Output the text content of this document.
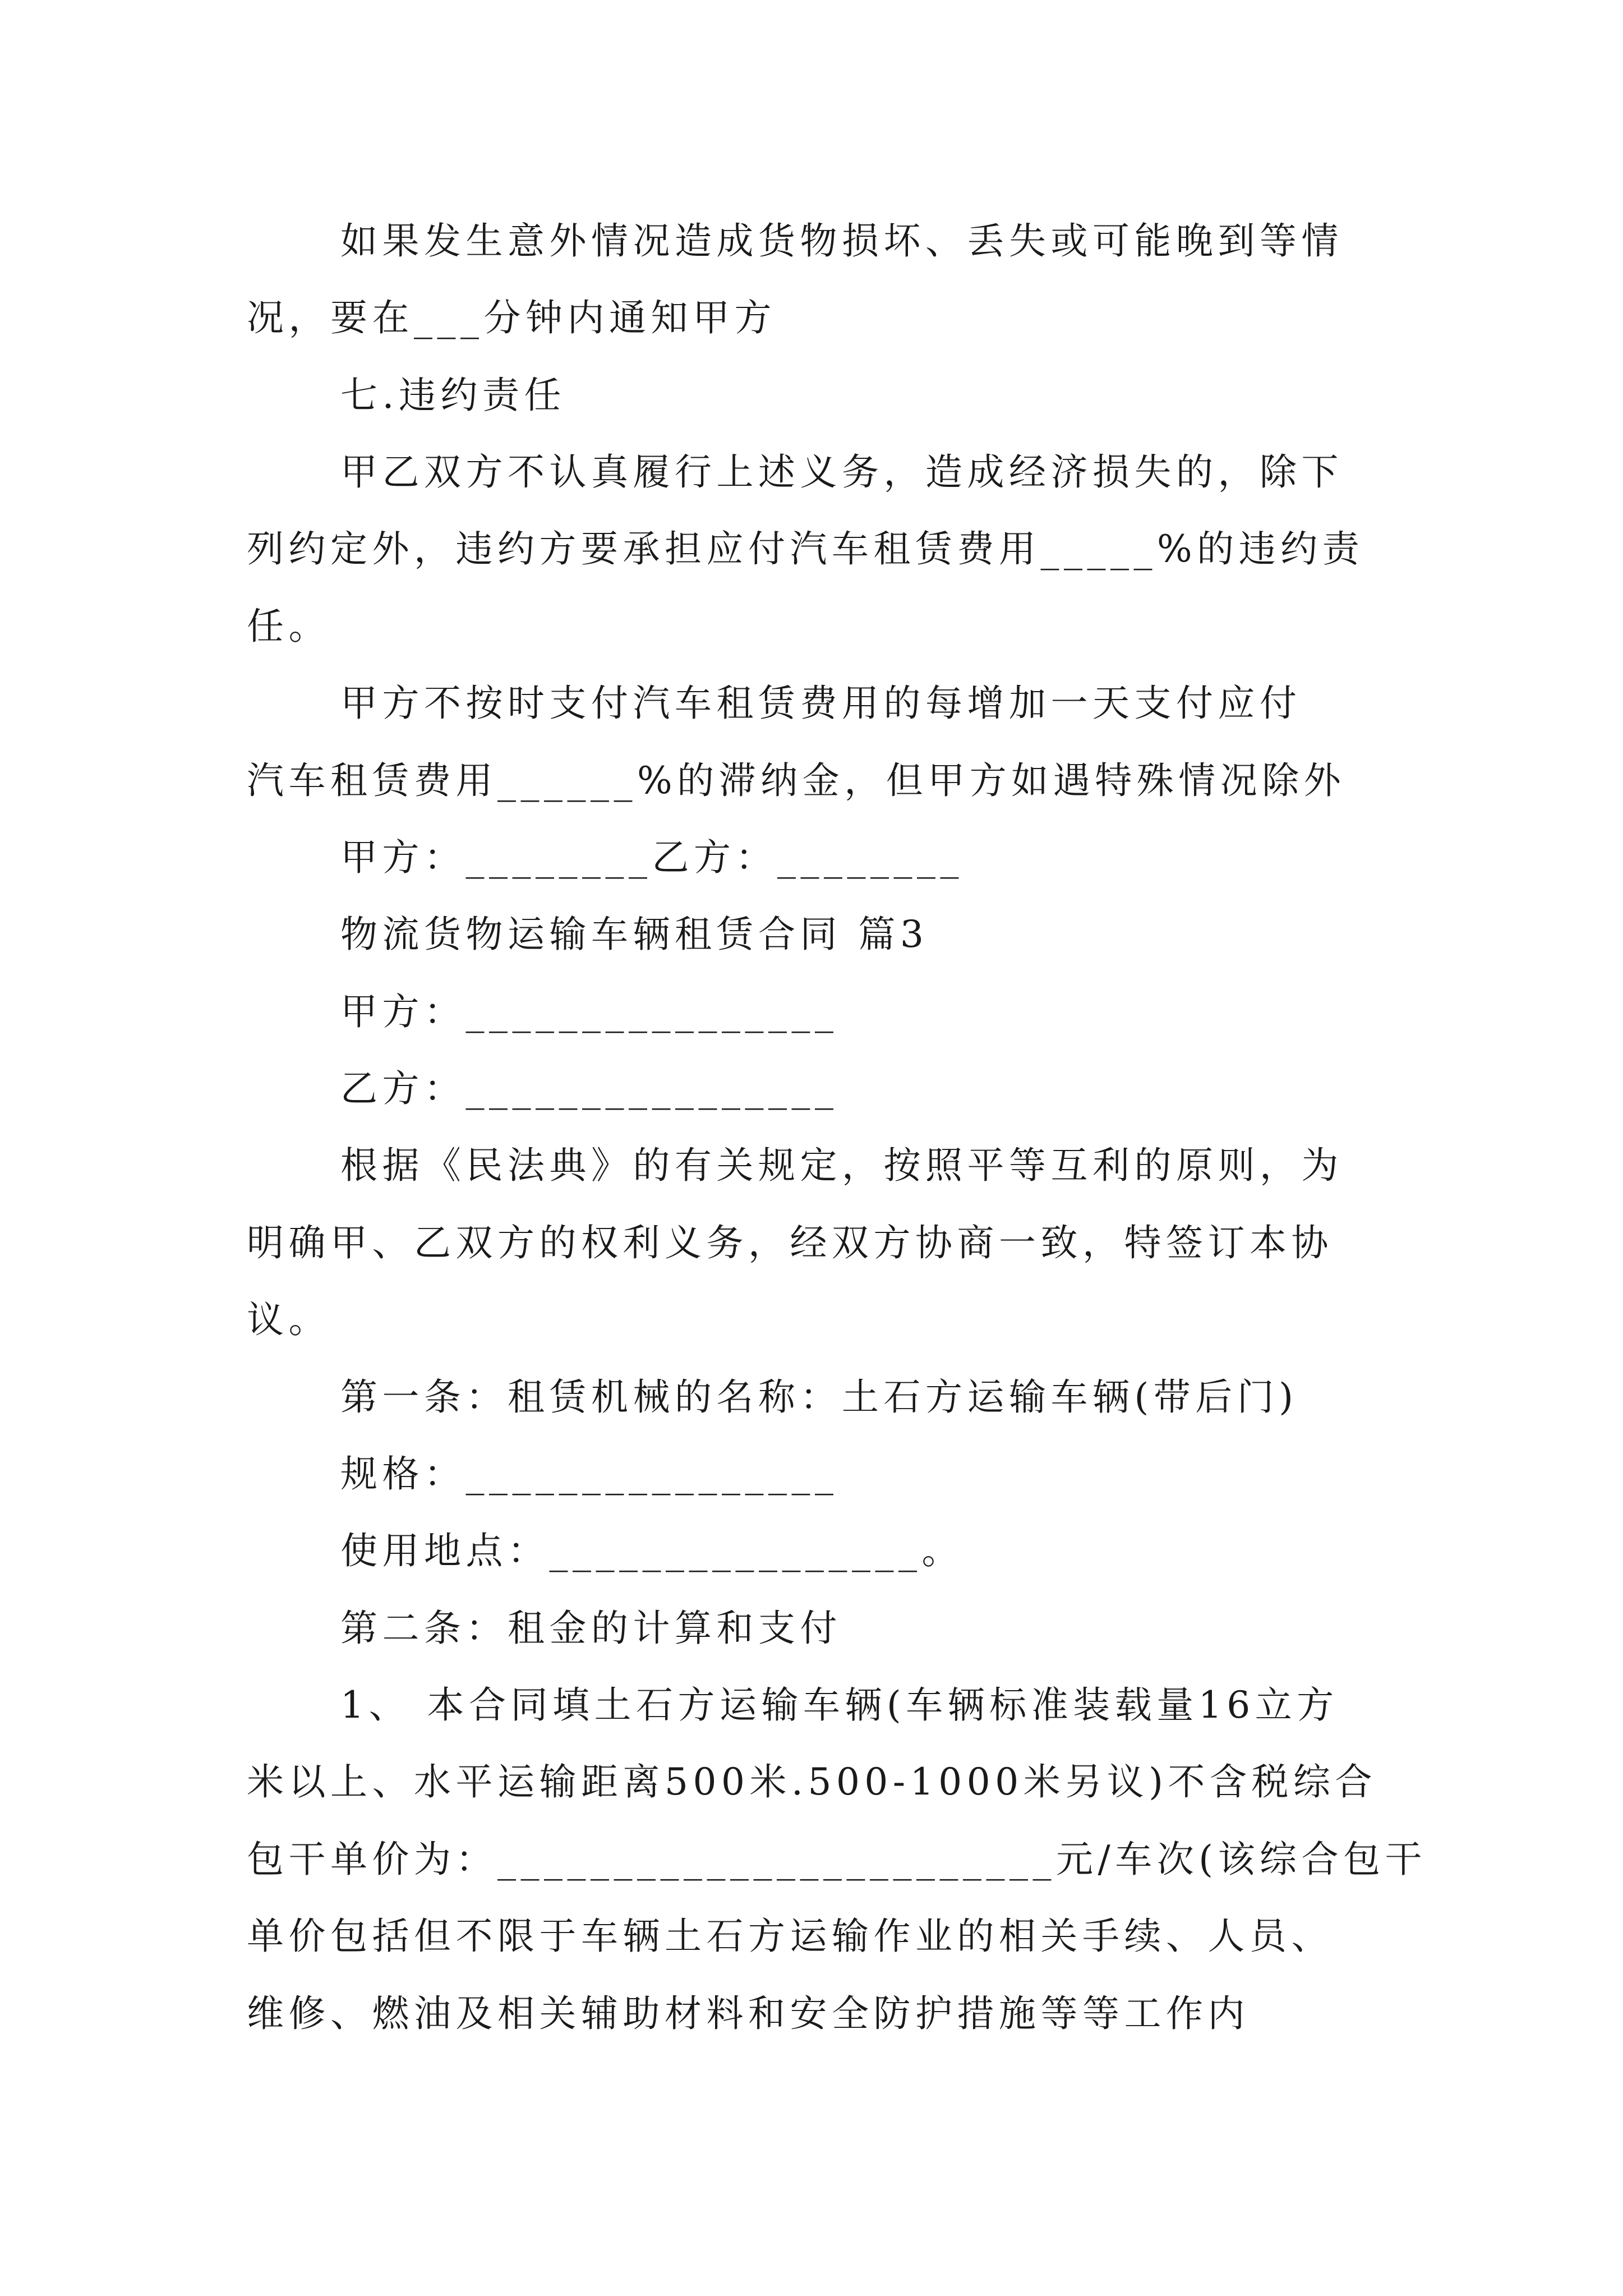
如果发生意外情况造成货物损坏、丢失或可能晚到等情
况，要在___分钟内通知甲方
七.违约责任
甲乙双方不认真履行上述义务，造成经济损失的，除下
列约定外，违约方要承担应付汽车租赁费用_____%的违约责
任。
甲方不按时支付汽车租赁费用的每增加一天支付应付
汽车租赁费用______%的滞纳金，但甲方如遇特殊情况除外
甲方：________乙方：________
物流货物运输车辆租赁合同 篇3
甲方：________________
乙方：________________
根据《民法典》的有关规定，按照平等互利的原则，为
明确甲、乙双方的权利义务，经双方协商一致，特签订本协
议。
第一条：租赁机械的名称：土石方运输车辆(带后门)
规格：________________
使用地点：________________。
第二条：租金的计算和支付
1、 本合同填土石方运输车辆(车辆标准装载量16立方
米以上、水平运输距离500米.500-1000米另议)不含税综合
包干单价为：________________________元/车次(该综合包干
单价包括但不限于车辆土石方运输作业的相关手续、人员、
维修、燃油及相关辅助材料和安全防护措施等等工作内
